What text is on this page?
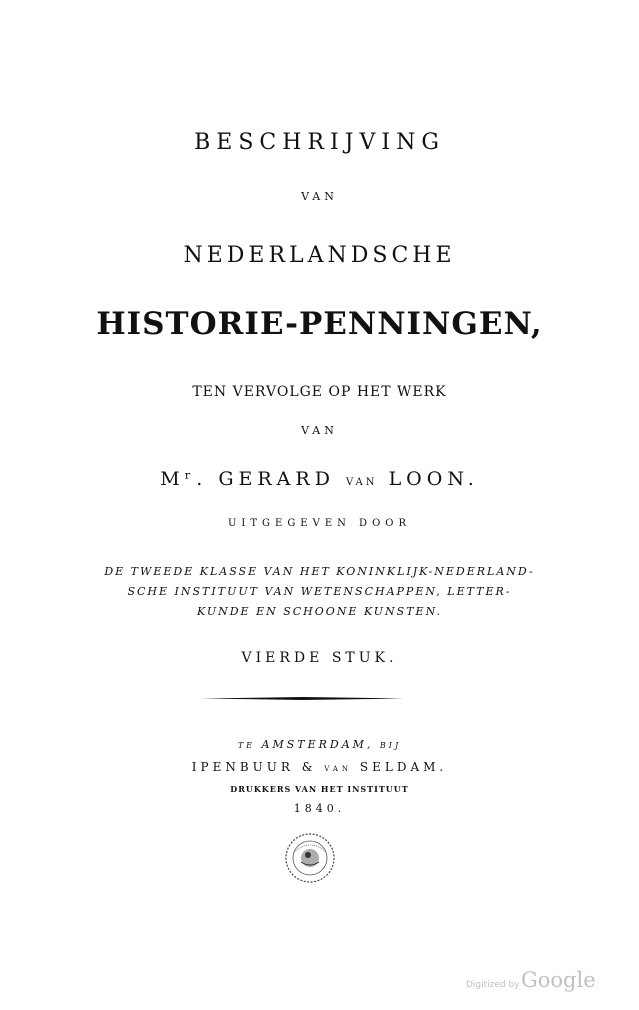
BESCHRIJVING
VAN
NEDERLANDSCHE
HISTORIE-PENNINGEN,
TEN VERVOLGE OP HET WERK
VAN
Mʳ. GERARD VAN LOON.
UITGEGEVEN DOOR
DE TWEEDE KLASSE VAN HET KONINKLIJK-NEDERLAND-
SCHE INSTITUUT VAN WETENSCHAPPEN, LETTER-
KUNDE EN SCHOONE KUNSTEN.
VIERDE STUK.
TE AMSTERDAM, BIJ
IPENBUUR & VAN SELDAM.
DRUKKERS VAN HET INSTITUUT
1840.
Digitized by Google
